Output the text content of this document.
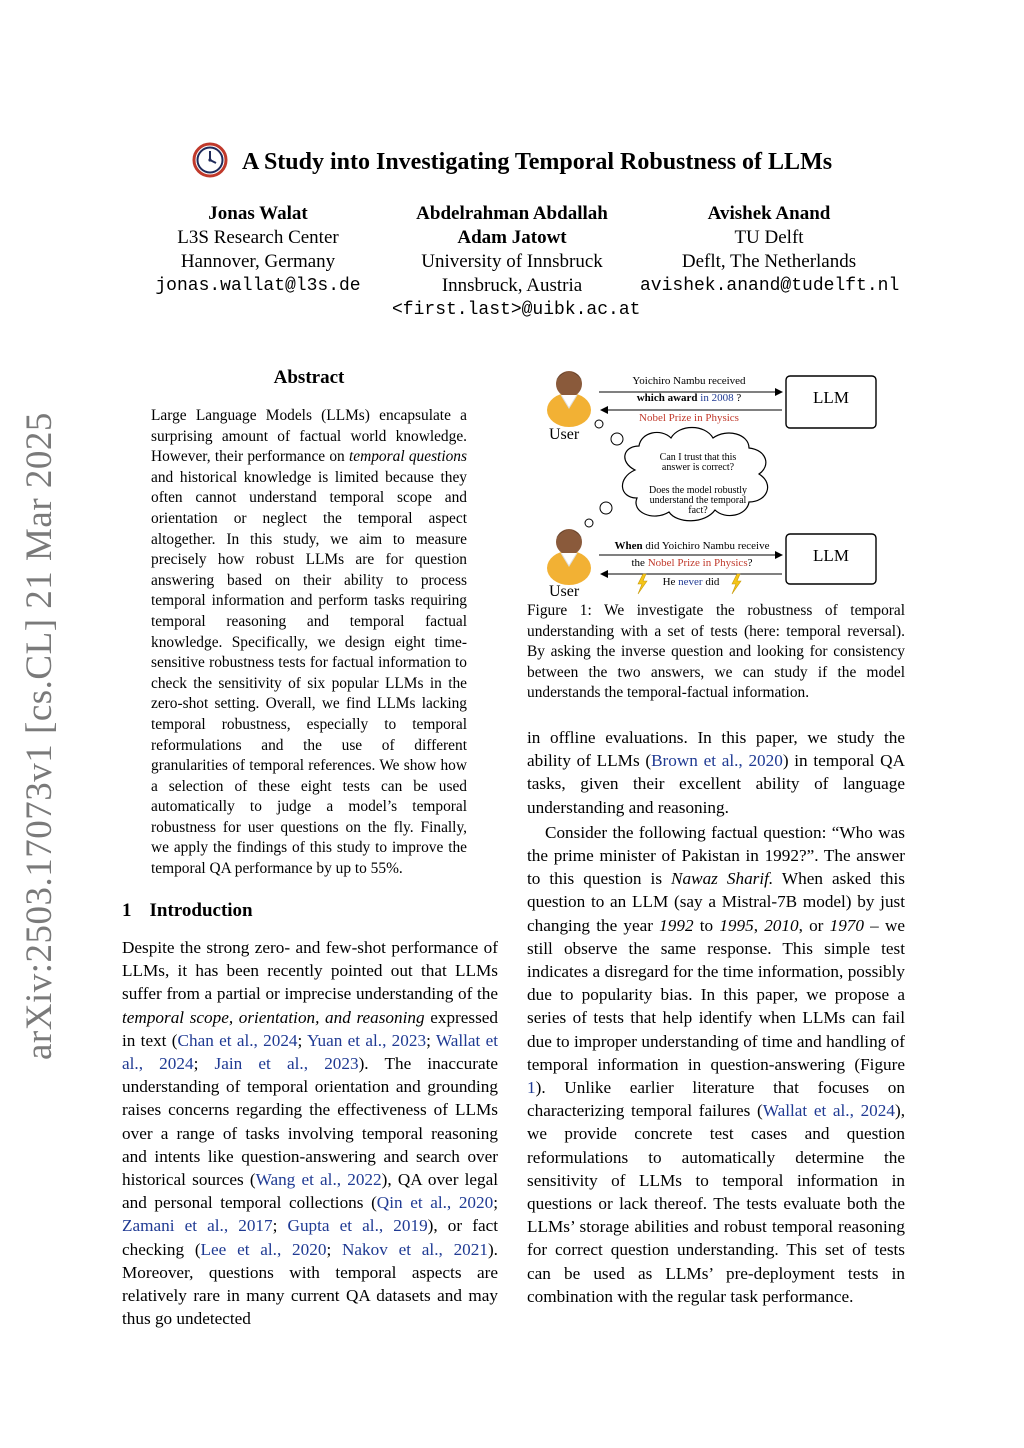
arXiv:2503.17073v1 [cs.CL] 21 Mar 2025
A Study into Investigating Temporal Robustness of LLMs
Jonas Walat
L3S Research Center
Hannover, Germany
jonas.wallat@l3s.de
Abdelrahman Abdallah
Adam Jatowt
University of Innsbruck
Innsbruck, Austria
<first.last>@uibk.ac.at
Avishek Anand
TU Delft
Deflt, The Netherlands
avishek.anand@tudelft.nl
Abstract

Large Language Models (LLMs) encapsulate a surprising amount of factual world knowledge. However, their performance on temporal questions and historical knowledge is limited because they often cannot understand temporal scope and orientation or neglect the temporal aspect altogether. In this study, we aim to measure precisely how robust LLMs are for question answering based on their ability to process temporal information and perform tasks requiring temporal reasoning and temporal factual knowledge. Specifically, we design eight time-sensitive robustness tests for factual information to check the sensitivity of six popular LLMs in the zero-shot setting. Overall, we find LLMs lacking temporal robustness, especially to temporal reformulations and the use of different granularities of temporal references. We show how a selection of these eight tests can be used automatically to judge a model’s temporal robustness for user questions on the fly. Finally, we apply the findings of this study to improve the temporal QA performance by up to 55%.

1 Introduction

Despite the strong zero- and few-shot performance of LLMs, it has been recently pointed out that LLMs suffer from a partial or imprecise understanding of the temporal scope, orientation, and reasoning expressed in text (Chan et al., 2024; Yuan et al., 2023; Wallat et al., 2024; Jain et al., 2023). The inaccurate understanding of temporal orientation and grounding raises concerns regarding the effectiveness of LLMs over a range of tasks involving temporal reasoning and intents like question-answering and search over historical sources (Wang et al., 2022), QA over legal and personal temporal collections (Qin et al., 2020; Zamani et al., 2017; Gupta et al., 2019), or fact checking (Lee et al., 2020; Nakov et al., 2021). Moreover, questions with temporal aspects are relatively rare in many current QA datasets and may thus go undetected

User
User
LLM
LLM
Yoichiro Nambu received
which award in 2008 ?
Nobel Prize in Physics
Can I trust that this
answer is correct?
Does the model robustly
understand the temporal
fact?
When did Yoichiro Nambu receive
the Nobel Prize in Physics?
He never did
Figure 1: We investigate the robustness of temporal understanding with a set of tests (here: temporal reversal). By asking the inverse question and looking for consistency between the two answers, we can study if the model understands the temporal-factual information.

in offline evaluations. In this paper, we study the ability of LLMs (Brown et al., 2020) in temporal QA tasks, given their excellent ability of language understanding and reasoning.

Consider the following factual question: “Who was the prime minister of Pakistan in 1992?”. The answer to this question is Nawaz Sharif. When asked this question to an LLM (say a Mistral-7B model) by just changing the year 1992 to 1995, 2010, or 1970 – we still observe the same response. This simple test indicates a disregard for the time information, possibly due to popularity bias. In this paper, we propose a series of tests that help identify when LLMs can fail due to improper understanding of time and handling of temporal information in question-answering (Figure 1). Unlike earlier literature that focuses on characterizing temporal failures (Wallat et al., 2024), we provide concrete test cases and question reformulations to automatically determine the sensitivity of LLMs to temporal information in questions or lack thereof. The tests evaluate both the LLMs’ storage abilities and robust temporal reasoning for correct question understanding. This set of tests can be used as LLMs’ pre-deployment tests in combination with the regular task performance.
